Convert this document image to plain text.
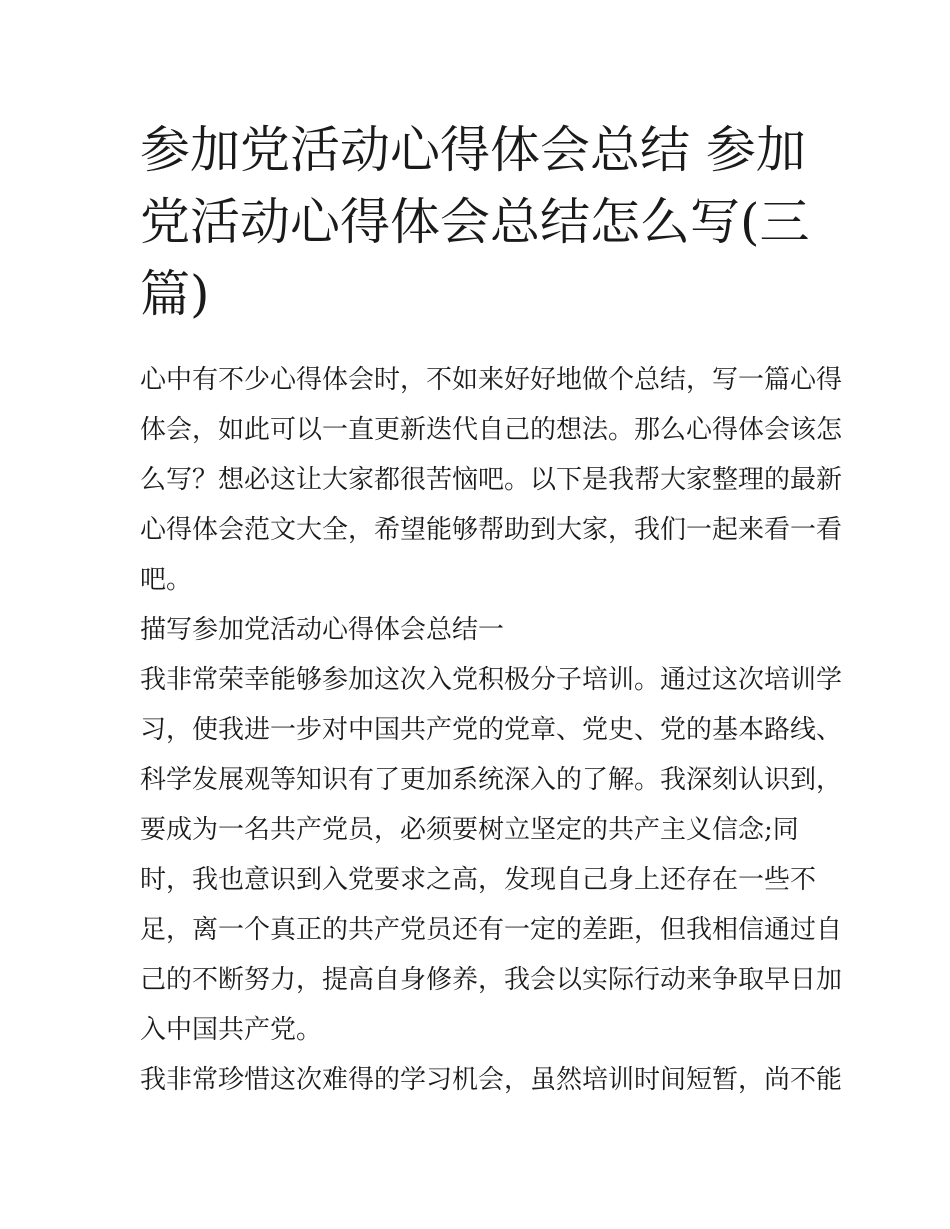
参加党活动心得体会总结 参加党活动心得体会总结怎么写(三篇)
心中有不少心得体会时，不如来好好地做个总结，写一篇心得
体会，如此可以一直更新迭代自己的想法。那么心得体会该怎
么写？想必这让大家都很苦恼吧。以下是我帮大家整理的最新
心得体会范文大全，希望能够帮助到大家，我们一起来看一看
吧。
描写参加党活动心得体会总结一
我非常荣幸能够参加这次入党积极分子培训。通过这次培训学
习，使我进一步对中国共产党的党章、党史、党的基本路线、
科学发展观等知识有了更加系统深入的了解。我深刻认识到，
要成为一名共产党员，必须要树立坚定的共产主义信念;同
时，我也意识到入党要求之高，发现自己身上还存在一些不
足，离一个真正的共产党员还有一定的差距，但我相信通过自
己的不断努力，提高自身修养，我会以实际行动来争取早日加
入中国共产党。
我非常珍惜这次难得的学习机会，虽然培训时间短暂，尚不能
